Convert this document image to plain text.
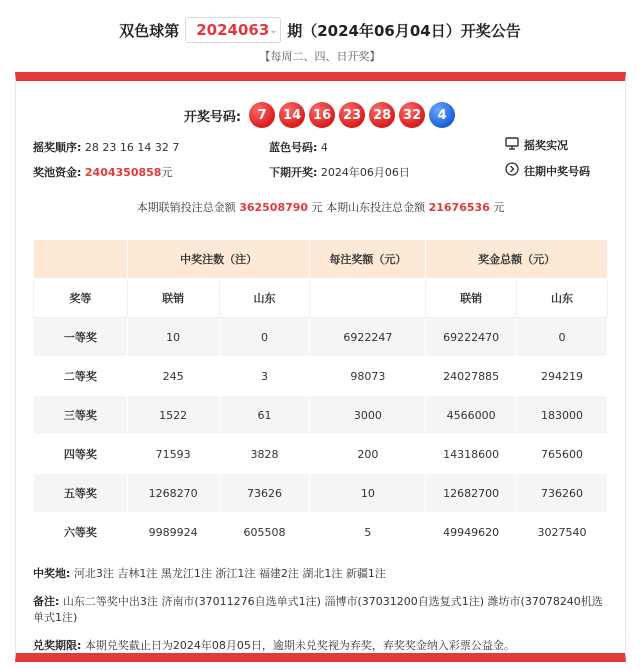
双色球第 2024063 ⌄ 期（2024年06月04日）开奖公告
【每周二、四、日开奖】
开奖号码:	7	14 16 23 28 32	4
摇奖顺序:
28 23 16 14 32 7	蓝色号码:
4	摇奖实况
奖池资金:
2404350858 元	下期开奖:
2024年06月06日	往期中奖号码
本期联销投注总金额 362508790 元 本期山东投注总金额 21676536 元
	中奖注数（注）		每注奖额（元）	奖金总额（元）	
奖等	联销	山东		联销	山东
一等奖	10	0	6922247	69222470	0
二等奖	245	3	98073	24027885	294219
三等奖	1522	61	3000	4566000	183000
四等奖	71593	3828	200	14318600	765600
五等奖	1268270	73626	10	12682700	736260
六等奖	9989924	605508	5	49949620	3027540
中奖地: 河北3注 吉林1注 黑龙江1注 浙江1注 福建2注 湖北1注 新疆1注
备注: 山东二等奖中出3注 济南市(37011276自选单式1注) 淄博市(37031200自选复式1注) 潍坊市(37078240机选单式1注)
兑奖期限: 本期兑奖截止日为2024年08月05日，逾期未兑奖视为弃奖，弃奖奖金纳入彩票公益金。
